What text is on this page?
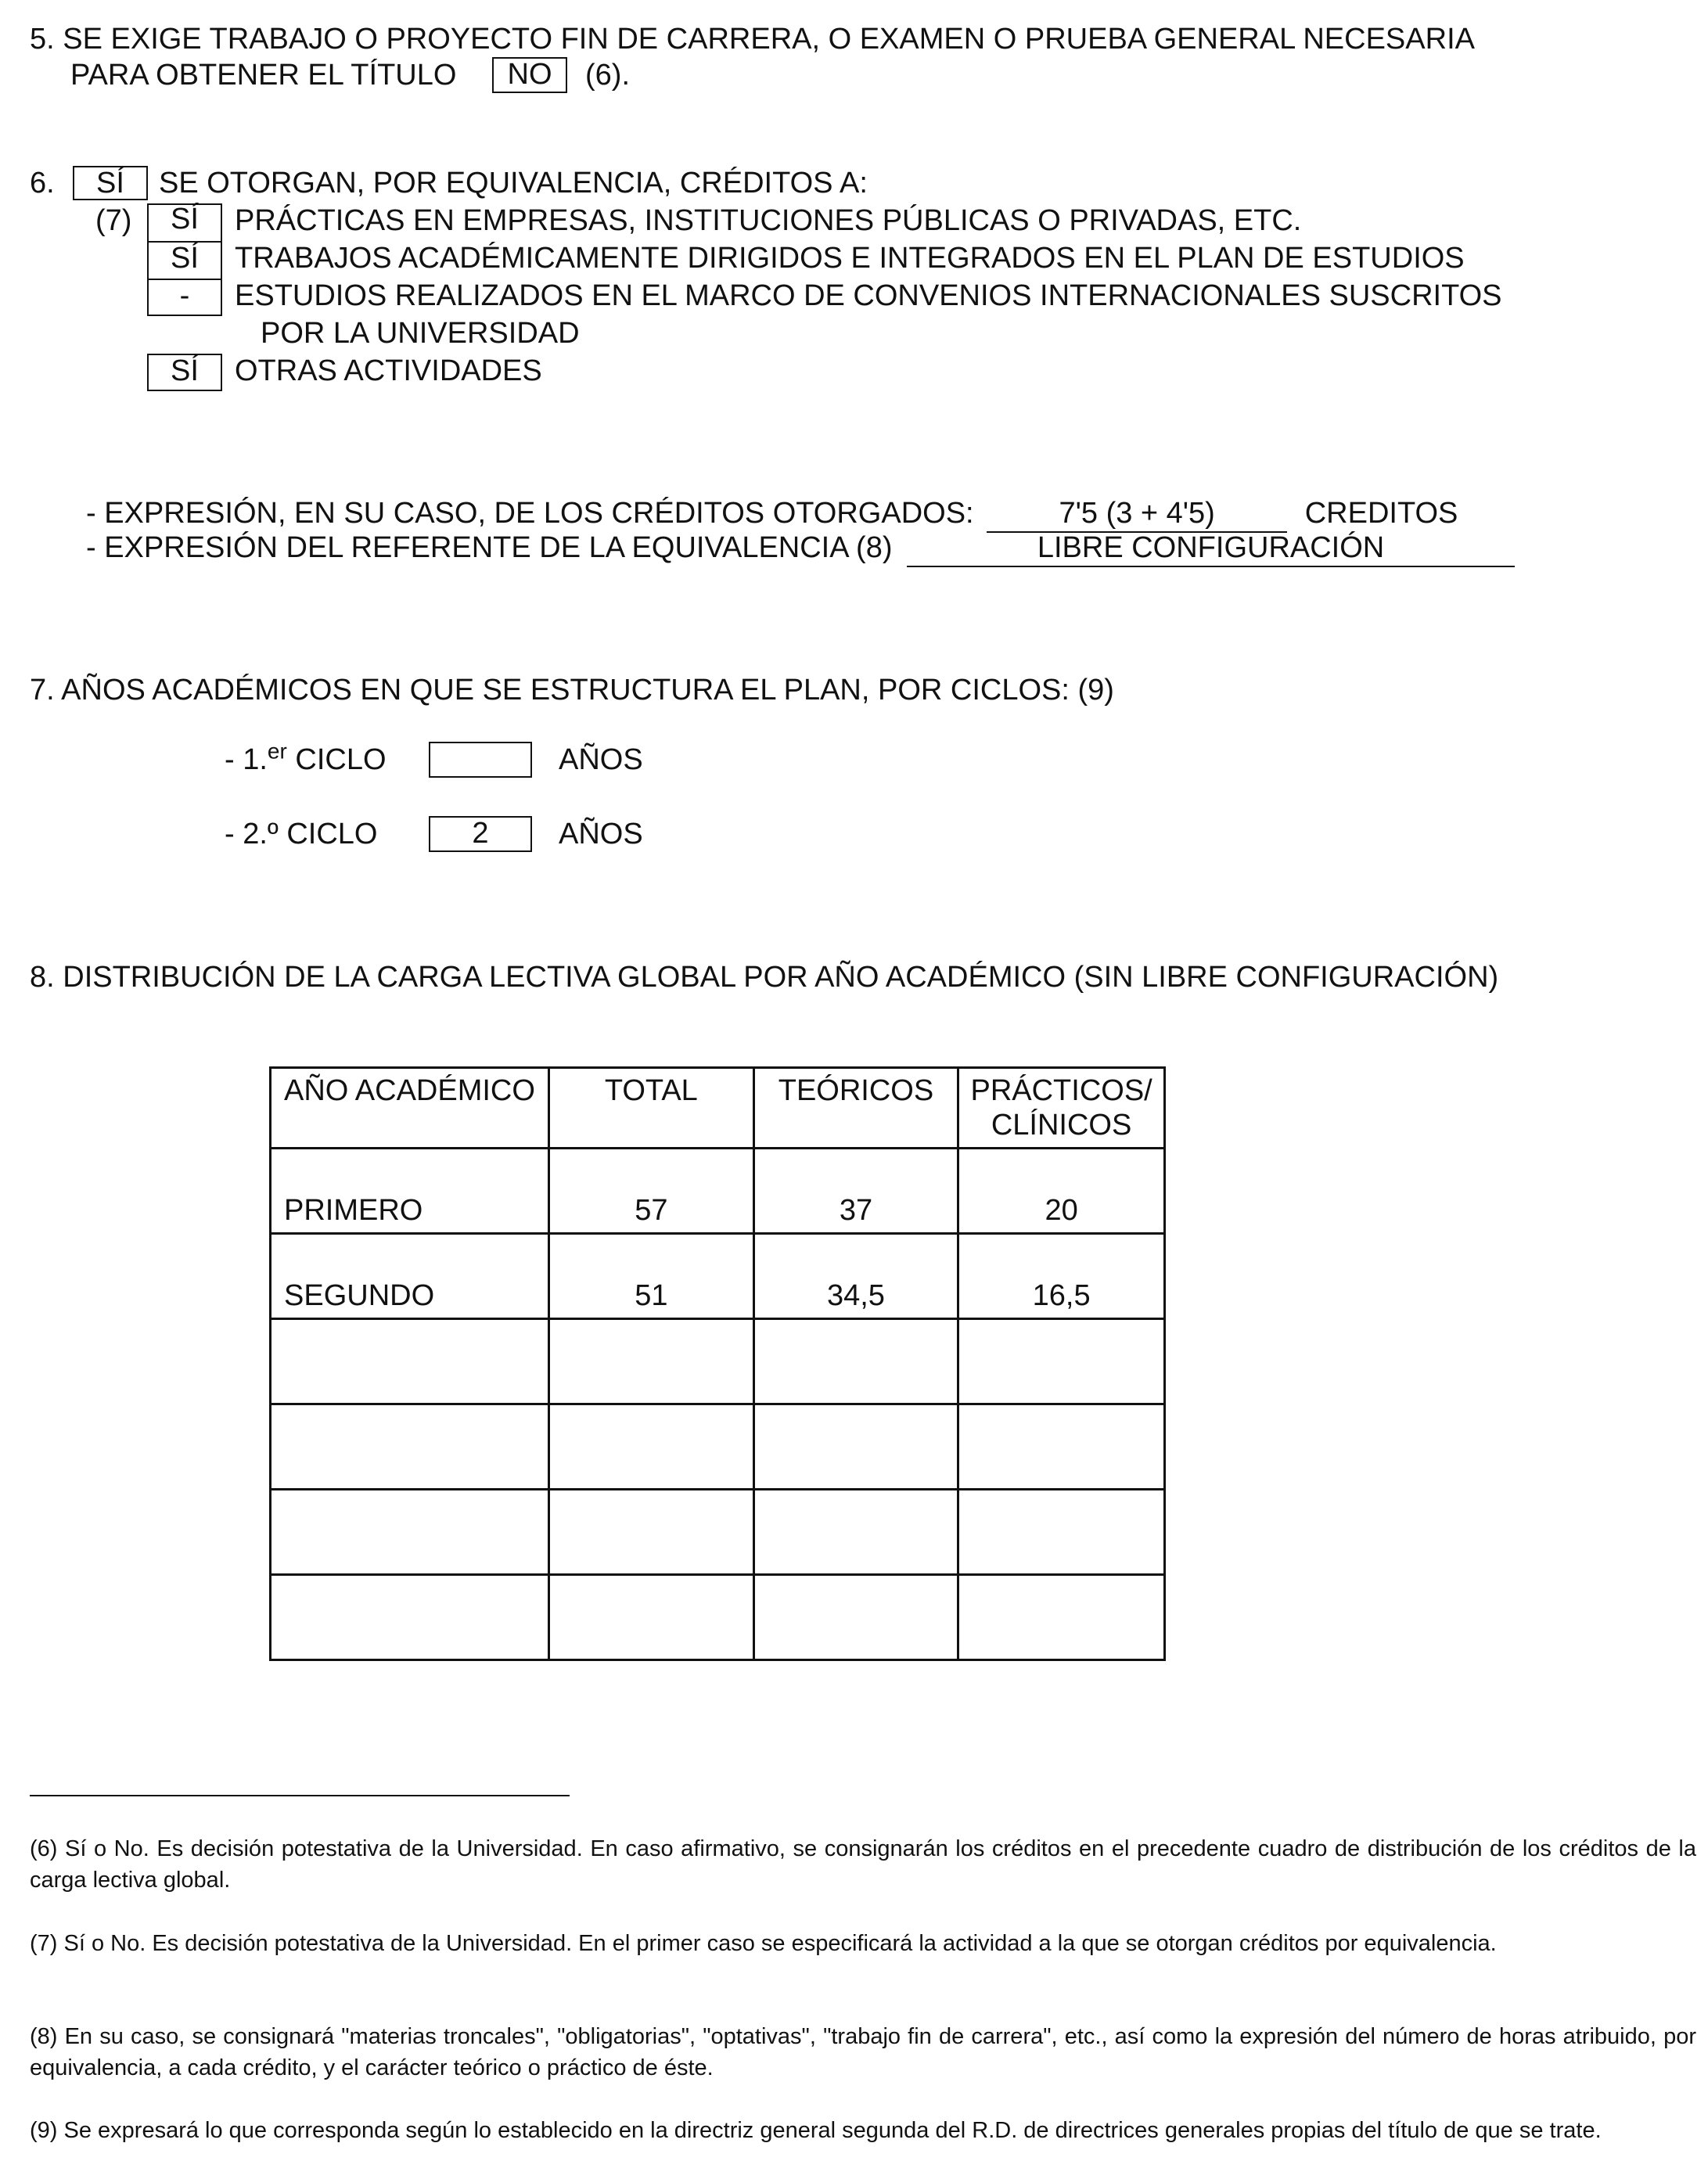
5. SE EXIGE TRABAJO O PROYECTO FIN DE CARRERA, O EXAMEN O PRUEBA GENERAL NECESARIA
PARA OBTENER EL TÍTULO	NO	(6).
6.	SÍ	SE OTORGAN, POR EQUIVALENCIA, CRÉDITOS A:
(7)	SÍ	PRÁCTICAS EN EMPRESAS, INSTITUCIONES PÚBLICAS O PRIVADAS, ETC.
SÍ	TRABAJOS ACADÉMICAMENTE DIRIGIDOS E INTEGRADOS EN EL PLAN DE ESTUDIOS
-	ESTUDIOS REALIZADOS EN EL MARCO DE CONVENIOS INTERNACIONALES SUSCRITOS
POR LA UNIVERSIDAD
SÍ	OTRAS ACTIVIDADES
- EXPRESIÓN, EN SU CASO, DE LOS CRÉDITOS OTORGADOS:	7'5 (3 + 4'5)	CREDITOS
- EXPRESIÓN DEL REFERENTE DE LA EQUIVALENCIA (8)	LIBRE CONFIGURACIÓN
7. AÑOS ACADÉMICOS EN QUE SE ESTRUCTURA EL PLAN, POR CICLOS: (9)
- 1.$^{er}$ CICLO	AÑOS
- 2.º CICLO	2	AÑOS
8. DISTRIBUCIÓN DE LA CARGA LECTIVA GLOBAL POR AÑO ACADÉMICO (SIN LIBRE CONFIGURACIÓN)
AÑO ACADÉMICO	TOTAL	TEÓRICOS	PRÁCTICOS/
CLÍNICOS
PRIMERO	57	37	20
SEGUNDO	51	34,5	16,5

(6) Sí o No. Es decisión potestativa de la Universidad. En caso afirmativo, se consignarán los créditos en el precedente cuadro de distribución de los créditos de la carga lectiva global.
(7) Sí o No. Es decisión potestativa de la Universidad. En el primer caso se especificará la actividad a la que se otorgan créditos por equivalencia.
(8) En su caso, se consignará "materias troncales", "obligatorias", "optativas", "trabajo fin de carrera", etc., así como la expresión del número de horas atribuido, por equivalencia, a cada crédito, y el carácter teórico o práctico de éste.
(9) Se expresará lo que corresponda según lo establecido en la directriz general segunda del R.D. de directrices generales propias del título de que se trate.
